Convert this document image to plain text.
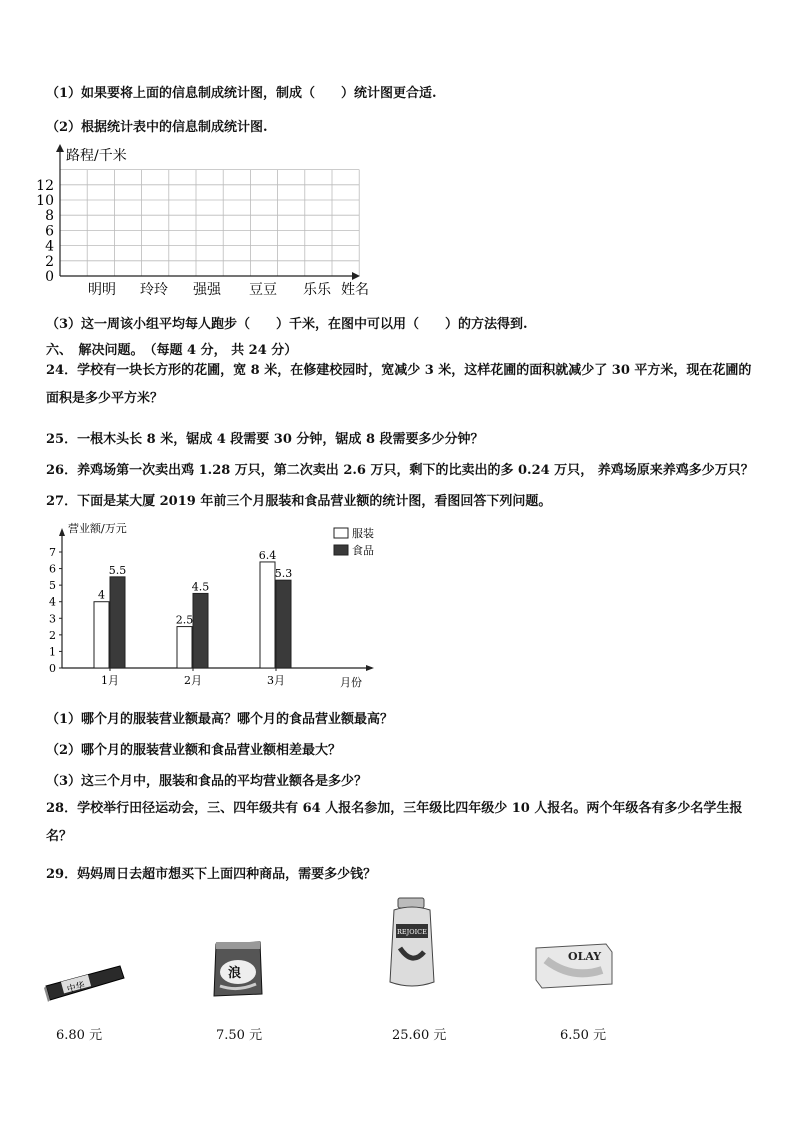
（1）如果要将上面的信息制成统计图，制成（　　）统计图更合适.
（2）根据统计表中的信息制成统计图.
路程/千米
0
2
4
6
8
10
12
明明 玲玲 强强 豆豆 乐乐 姓名
（3）这一周该小组平均每人跑步（　　）千米，在图中可以用（　　）的方法得到.
六、　解决问题。　（每题 4 分， 共 24 分）
24．学校有一块长方形的花圃，宽 8 米，在修建校园时，宽减少 3 米，这样花圃的面积就减少了 30 平方米，现在花圃的面积是多少平方米？
25．一根木头长 8 米，锯成 4 段需要 30 分钟，锯成 8 段需要多少分钟？
26．养鸡场第一次卖出鸡 1.28 万只，第二次卖出 2.6 万只，剩下的比卖出的多 0.24 万只， 养鸡场原来养鸡多少万只？
27．下面是某大厦 2019 年前三个月服装和食品营业额的统计图，看图回答下列问题。
营业额/万元
月份
0
1
2
3
4
5
6
7
4
5.5
2.5
4.5
6.4
5.3
1月	2月	3月
服装
食品
（1）哪个月的服装营业额最高？哪个月的食品营业额最高？
（2）哪个月的服装营业额和食品营业额相差最大？
（3）这三个月中，服装和食品的平均营业额各是多少？
28．学校举行田径运动会，三、四年级共有 64 人报名参加，三年级比四年级少 10 人报名。两个年级各有多少名学生报名？
29．妈妈周日去超市想买下上面四种商品，需要多少钱？
中华
浪
REJOICE
OLAY
6.80 元	7.50 元	25.60 元	6.50 元
